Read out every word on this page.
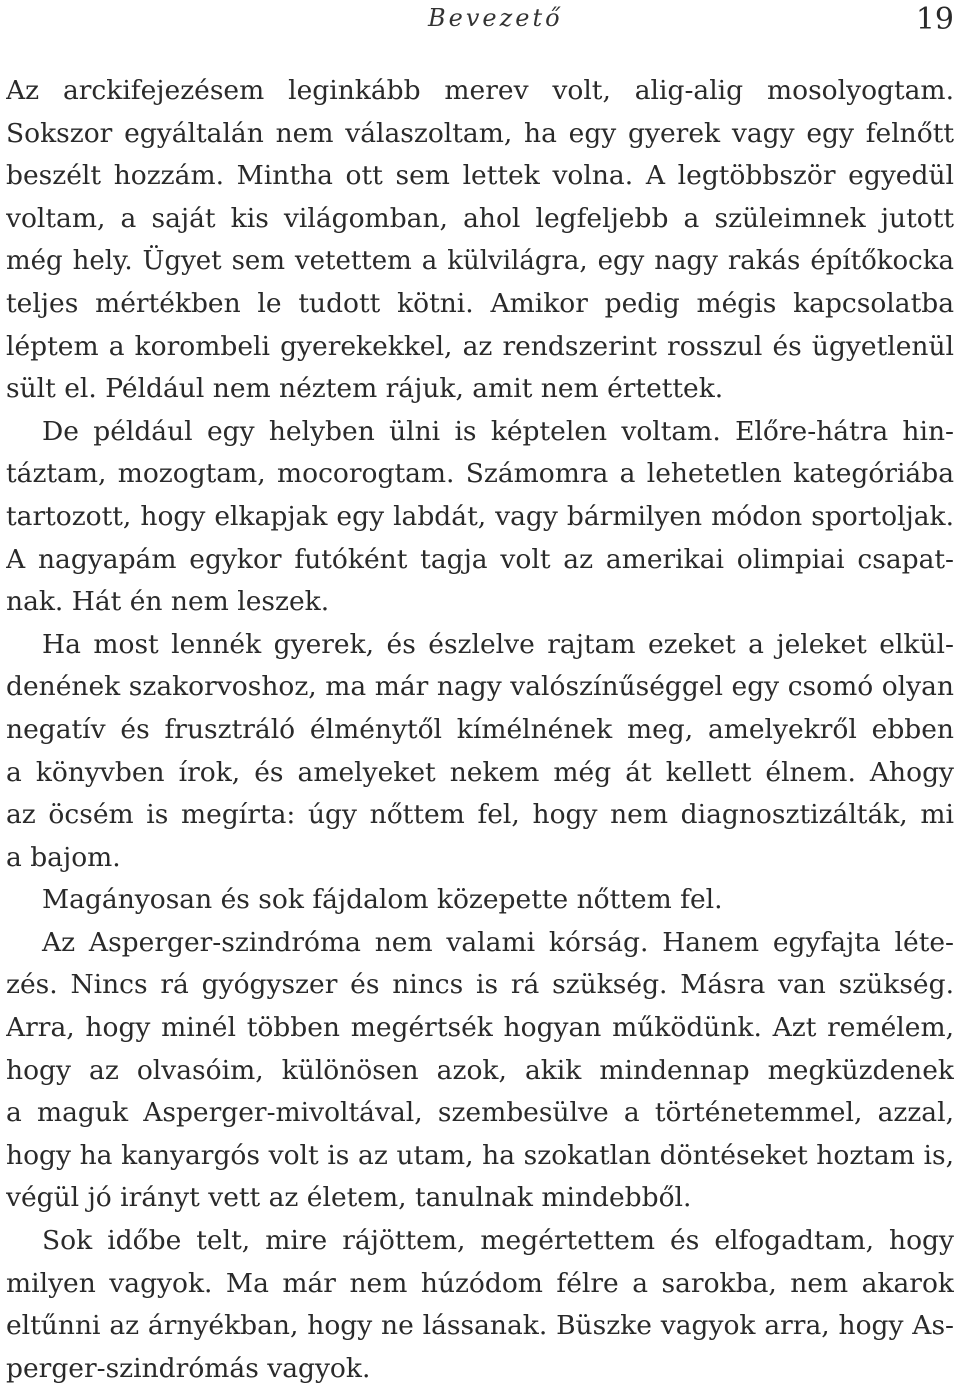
Bevezető	19
Az arckifejezésem leginkább merev volt, alig-alig mosolyogtam.
Sokszor egyáltalán nem válaszoltam, ha egy gyerek vagy egy felnőtt
beszélt hozzám. Mintha ott sem lettek volna. A legtöbbször egyedül
voltam, a saját kis világomban, ahol legfeljebb a szüleimnek jutott
még hely. Ügyet sem vetettem a külvilágra, egy nagy rakás építőkocka
teljes mértékben le tudott kötni. Amikor pedig mégis kapcsolatba
léptem a korombeli gyerekekkel, az rendszerint rosszul és ügyetlenül
sült el. Például nem néztem rájuk, amit nem értettek.
De például egy helyben ülni is képtelen voltam. Előre-hátra hin-
táztam, mozogtam, mocorogtam. Számomra a lehetetlen kategóriába
tartozott, hogy elkapjak egy labdát, vagy bármilyen módon sportoljak.
A nagyapám egykor futóként tagja volt az amerikai olimpiai csapat-
nak. Hát én nem leszek.
Ha most lennék gyerek, és észlelve rajtam ezeket a jeleket elkül-
denének szakorvoshoz, ma már nagy valószínűséggel egy csomó olyan
negatív és frusztráló élménytől kímélnének meg, amelyekről ebben
a könyvben írok, és amelyeket nekem még át kellett élnem. Ahogy
az öcsém is megírta: úgy nőttem fel, hogy nem diagnosztizálták, mi
a bajom.
Magányosan és sok fájdalom közepette nőttem fel.
Az Asperger-szindróma nem valami kórság. Hanem egyfajta léte-
zés. Nincs rá gyógyszer és nincs is rá szükség. Másra van szükség.
Arra, hogy minél többen megértsék hogyan működünk. Azt remélem,
hogy az olvasóim, különösen azok, akik mindennap megküzdenek
a maguk Asperger-mivoltával, szembesülve a történetemmel, azzal,
hogy ha kanyargós volt is az utam, ha szokatlan döntéseket hoztam is,
végül jó irányt vett az életem, tanulnak mindebből.
Sok időbe telt, mire rájöttem, megértettem és elfogadtam, hogy
milyen vagyok. Ma már nem húzódom félre a sarokba, nem akarok
eltűnni az árnyékban, hogy ne lássanak. Büszke vagyok arra, hogy As-
perger-szindrómás vagyok.
